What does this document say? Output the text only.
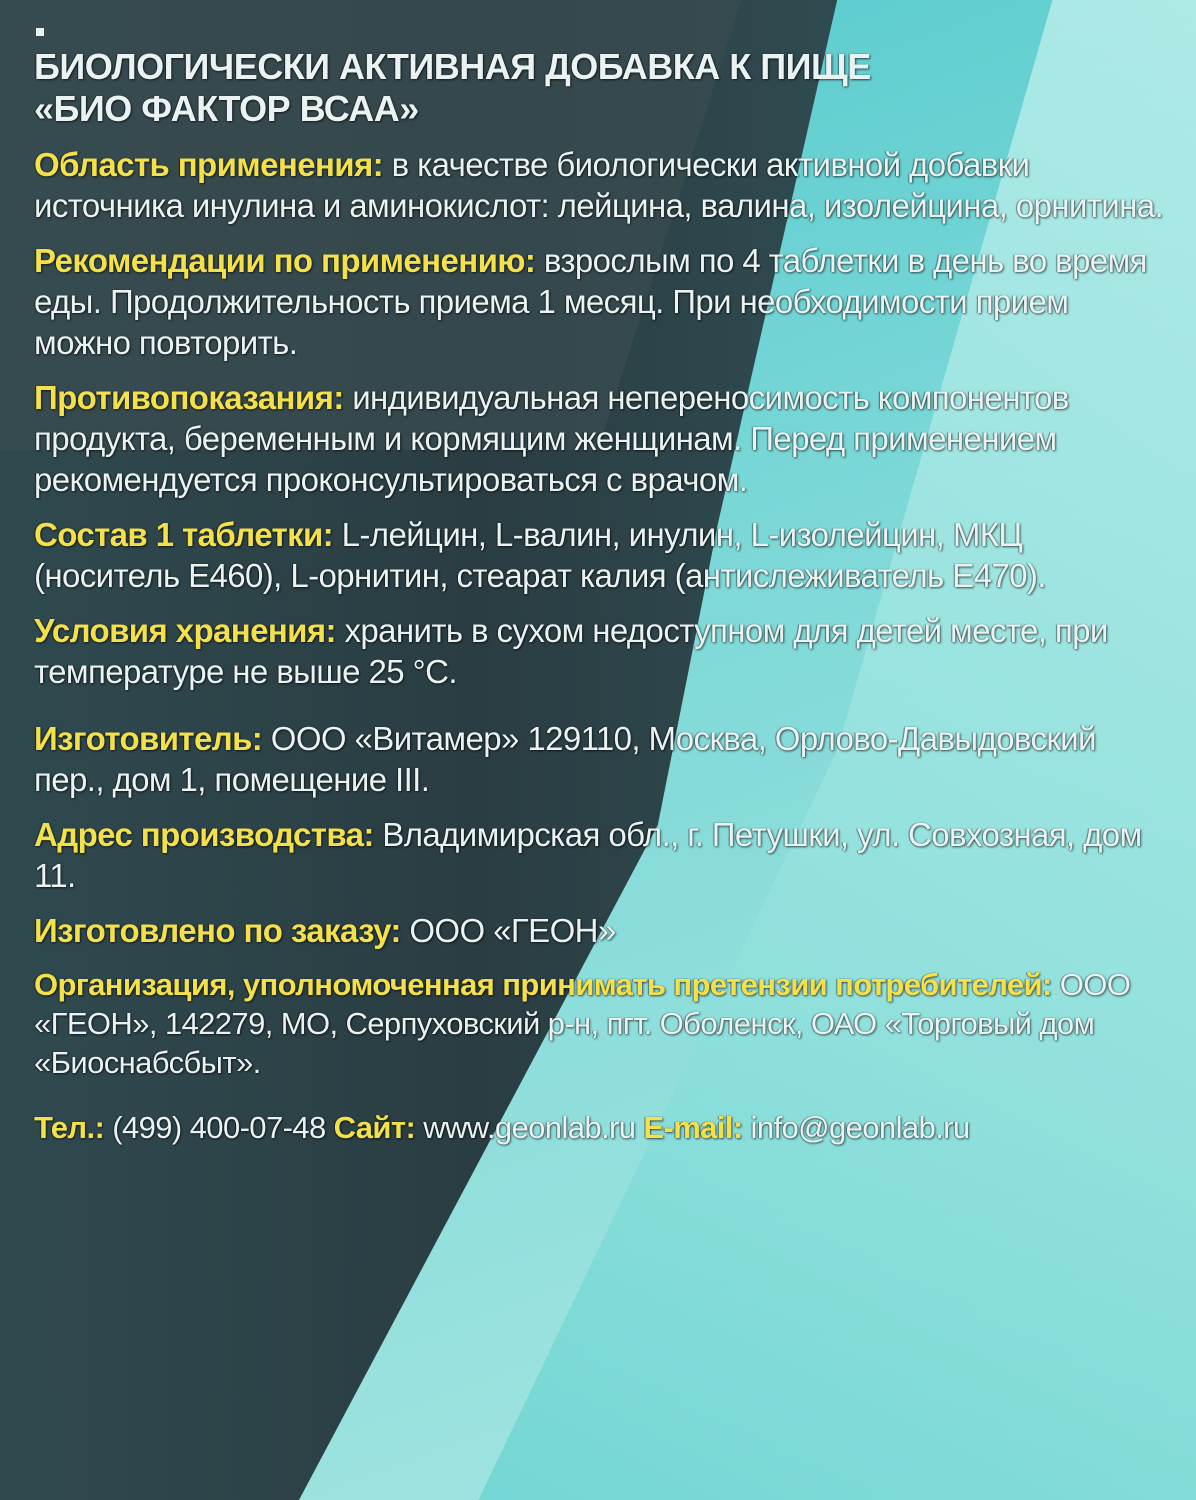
БИОЛОГИЧЕСКИ АКТИВНАЯ ДОБАВКА К ПИЩЕ
«БИО ФАКТОР ВСАА»
Область применения: в качестве биологически активной добавки источника инулина и аминокислот: лейцина, валина, изолейцина, орнитина.
Рекомендации по применению: взрослым по 4 таблетки в день во время еды. Продолжительность приема 1 месяц. При необходимости прием можно повторить.
Противопоказания: индивидуальная непереносимость компонентов продукта, беременным и кормящим женщинам. Перед применением рекомендуется проконсультироваться с врачом.
Состав 1 таблетки: L-лейцин, L-валин, инулин, L-изолейцин, МКЦ (носитель Е460), L-орнитин, стеарат калия (антислеживатель Е470).
Условия хранения: хранить в сухом недоступном для детей месте, при температуре не выше 25 °С.
Изготовитель: ООО «Витамер» 129110, Москва, Орлово-Давыдовский пер., дом 1, помещение III.
Адрес производства: Владимирская обл., г. Петушки, ул. Совхозная, дом 11.
Изготовлено по заказу: ООО «ГЕОН»
Организация, уполномоченная принимать претензии потребителей: ООО «ГЕОН», 142279, МО, Серпуховский р-н, пгт. Оболенск, ОАО «Торговый дом «Биоснабсбыт».
Тел.: (499) 400-07-48 Сайт: www.geonlab.ru E-mail: info@geonlab.ru
